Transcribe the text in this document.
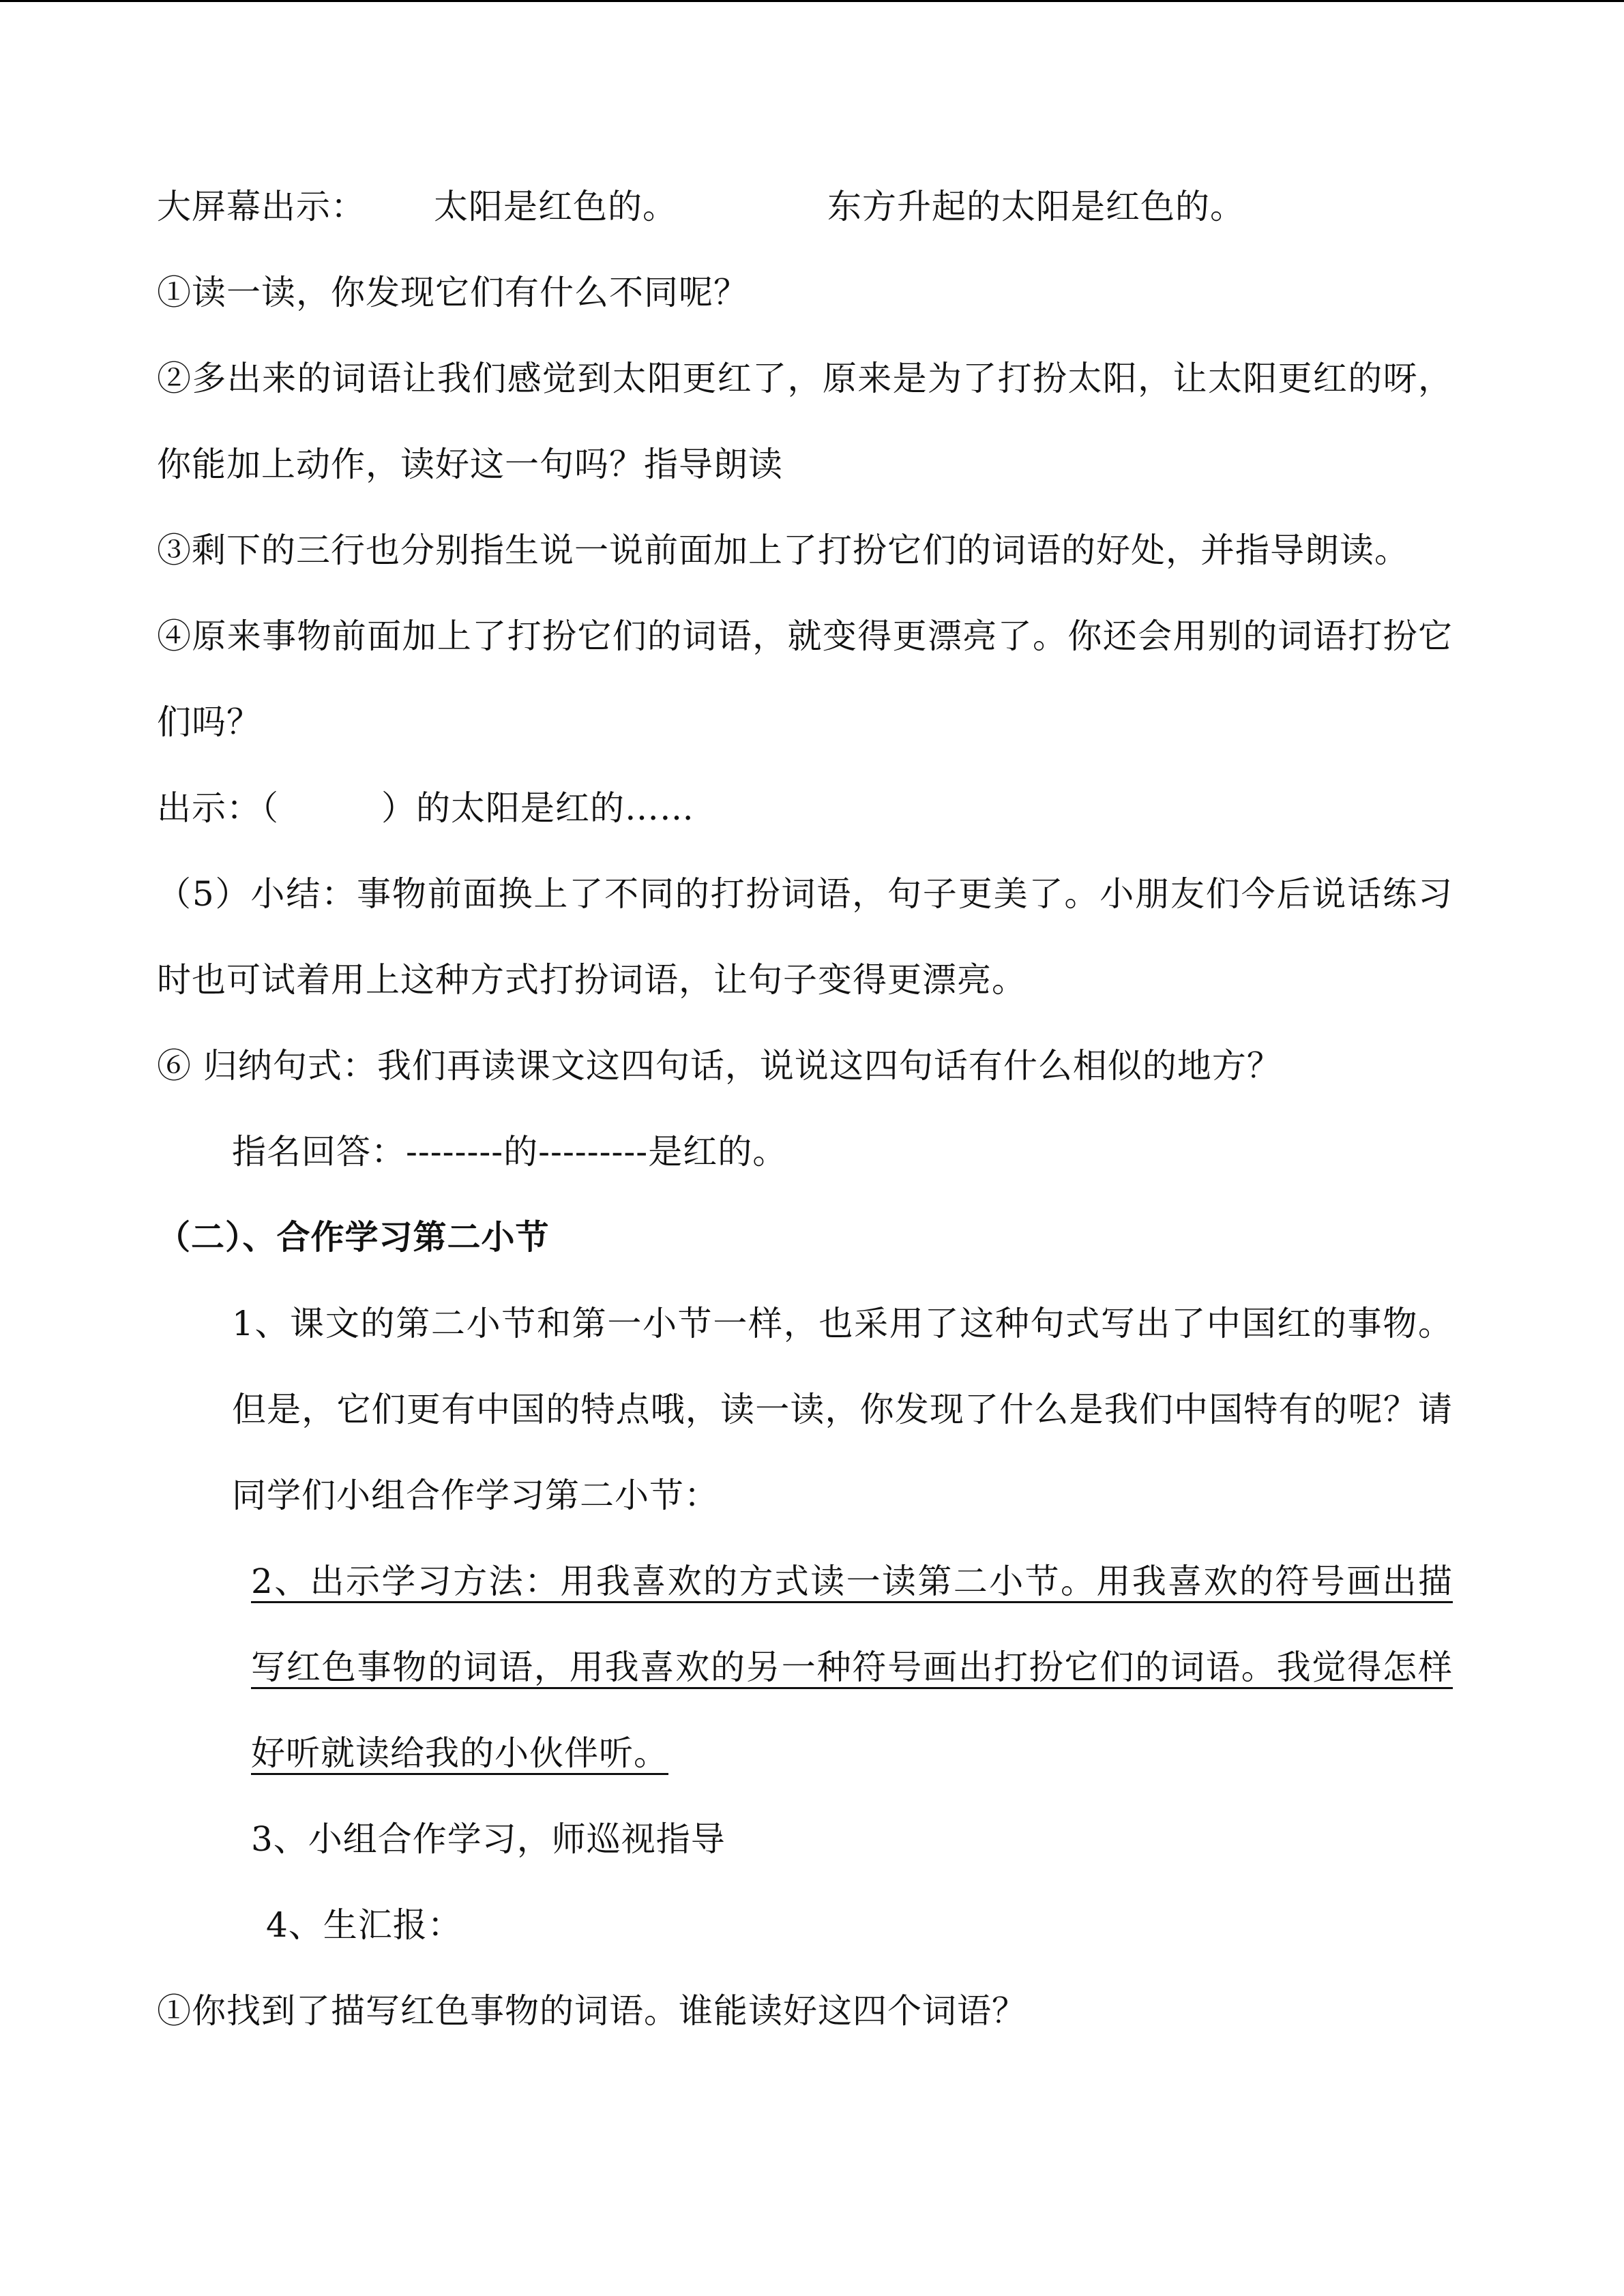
大屏幕出示： 太阳是红色的。	东方升起的太阳是红色的。

①读一读，你发现它们有什么不同呢？

②多出来的词语让我们感觉到太阳更红了，原来是为了打扮太阳，让太阳更红的呀，你能加上动作，读好这一句吗？指导朗读

③剩下的三行也分别指生说一说前面加上了打扮它们的词语的好处，并指导朗读。

④原来事物前面加上了打扮它们的词语，就变得更漂亮了。你还会用别的词语打扮它们吗？

出示：（	）的太阳是红的……

（5）小结：事物前面换上了不同的打扮词语，句子更美了。小朋友们今后说话练习时也可试着用上这种方式打扮词语，让句子变得更漂亮。

⑥ 归纳句式：我们再读课文这四句话，说说这四句话有什么相似的地方？

指名回答：--------的---------是红的。

（二）、合作学习第二小节

1、课文的第二小节和第一小节一样，也采用了这种句式写出了中国红的事物。但是，它们更有中国的特点哦，读一读，你发现了什么是我们中国特有的呢？请同学们小组合作学习第二小节：

2、出示学习方法：用我喜欢的方式读一读第二小节。用我喜欢的符号画出描写红色事物的词语，用我喜欢的另一种符号画出打扮它们的词语。我觉得怎样好听就读给我的小伙伴听。

3、小组合作学习，师巡视指导

4、生汇报：

①你找到了描写红色事物的词语。谁能读好这四个词语？
